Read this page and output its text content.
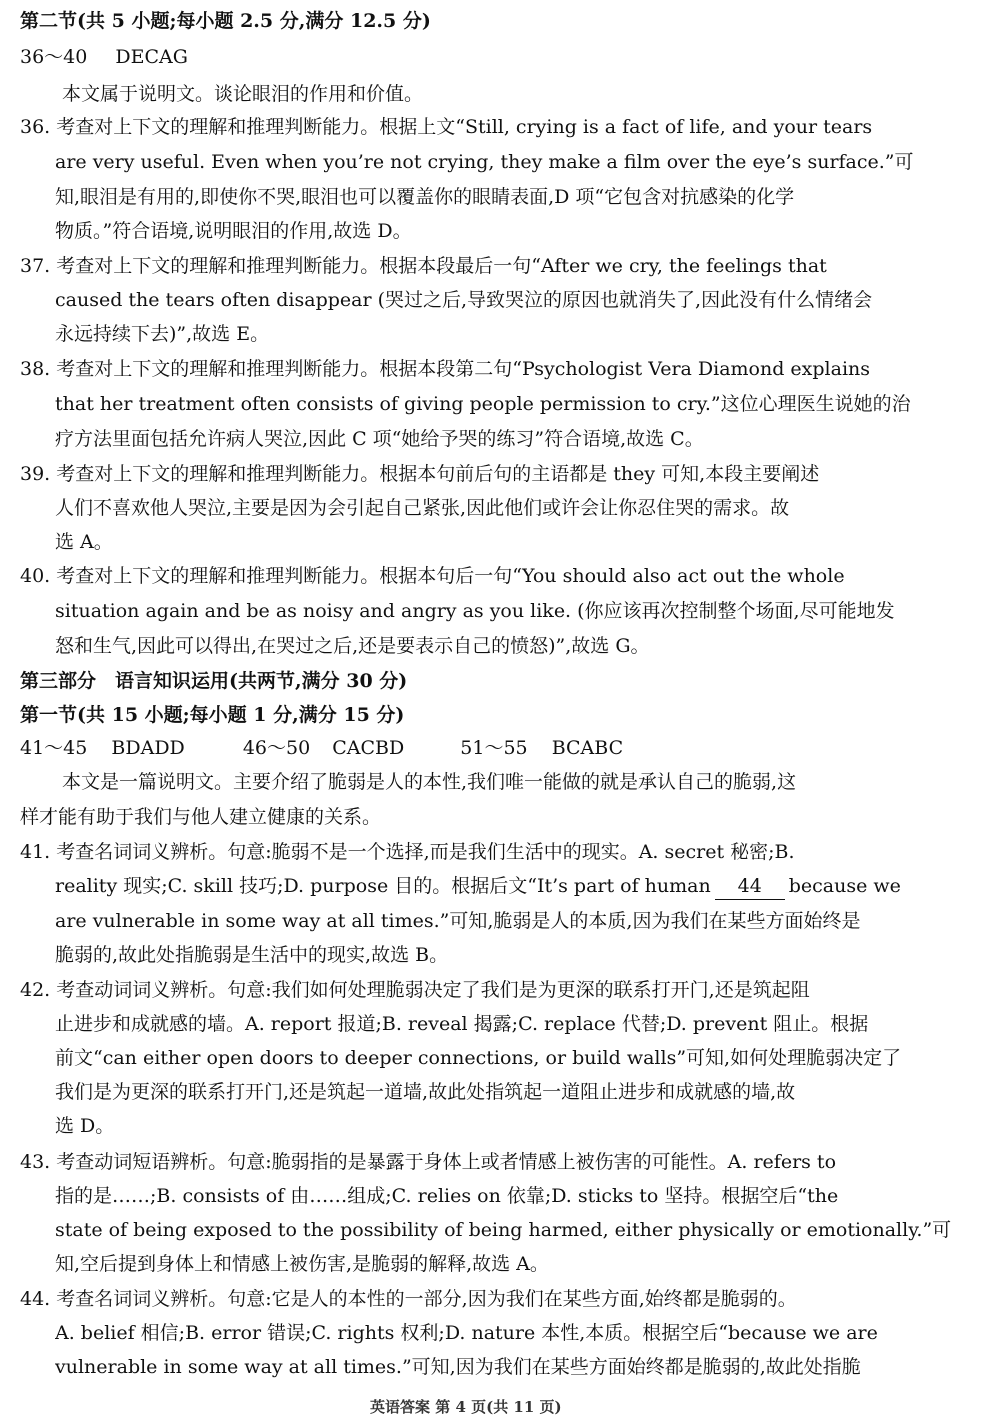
第二节(共 5 小题;每小题 2.5 分,满分 12.5 分)
36～40 DECAG
本文属于说明文。谈论眼泪的作用和价值。
36. 考查对上下文的理解和推理判断能力。根据上文“Still, crying is a fact of life, and your tears
are very useful. Even when you’re not crying, they make a film over the eye’s surface.”可
知,眼泪是有用的,即使你不哭,眼泪也可以覆盖你的眼睛表面,D 项“它包含对抗感染的化学
物质。”符合语境,说明眼泪的作用,故选 D。
37. 考查对上下文的理解和推理判断能力。根据本段最后一句“After we cry, the feelings that
caused the tears often disappear (哭过之后,导致哭泣的原因也就消失了,因此没有什么情绪会
永远持续下去)”,故选 E。
38. 考查对上下文的理解和推理判断能力。根据本段第二句“Psychologist Vera Diamond explains
that her treatment often consists of giving people permission to cry.”这位心理医生说她的治
疗方法里面包括允许病人哭泣,因此 C 项“她给予哭的练习”符合语境,故选 C。
39. 考查对上下文的理解和推理判断能力。根据本句前后句的主语都是 they 可知,本段主要阐述
人们不喜欢他人哭泣,主要是因为会引起自己紧张,因此他们或许会让你忍住哭的需求。故
选 A。
40. 考查对上下文的理解和推理判断能力。根据本句后一句“You should also act out the whole
situation again and be as noisy and angry as you like. (你应该再次控制整个场面,尽可能地发
怒和生气,因此可以得出,在哭过之后,还是要表示自己的愤怒)”,故选 G。
第三部分　语言知识运用(共两节,满分 30 分)
第一节(共 15 小题;每小题 1 分,满分 15 分)
41～45 BDADD	46～50 CACBD	51～55 BCABC
本文是一篇说明文。主要介绍了脆弱是人的本性,我们唯一能做的就是承认自己的脆弱,这
样才能有助于我们与他人建立健康的关系。
41. 考查名词词义辨析。句意:脆弱不是一个选择,而是我们生活中的现实。A. secret 秘密;B.
reality 现实;C. skill 技巧;D. purpose 目的。根据后文“It’s part of human 44 because we
are vulnerable in some way at all times.”可知,脆弱是人的本质,因为我们在某些方面始终是
脆弱的,故此处指脆弱是生活中的现实,故选 B。
42. 考查动词词义辨析。句意:我们如何处理脆弱决定了我们是为更深的联系打开门,还是筑起阻
止进步和成就感的墙。A. report 报道;B. reveal 揭露;C. replace 代替;D. prevent 阻止。根据
前文“can either open doors to deeper connections, or build walls”可知,如何处理脆弱决定了
我们是为更深的联系打开门,还是筑起一道墙,故此处指筑起一道阻止进步和成就感的墙,故
选 D。
43. 考查动词短语辨析。句意:脆弱指的是暴露于身体上或者情感上被伤害的可能性。A. refers to
指的是……;B. consists of 由……组成;C. relies on 依靠;D. sticks to 坚持。根据空后“the
state of being exposed to the possibility of being harmed, either physically or emotionally.”可
知,空后提到身体上和情感上被伤害,是脆弱的解释,故选 A。
44. 考查名词词义辨析。句意:它是人的本性的一部分,因为我们在某些方面,始终都是脆弱的。
A. belief 相信;B. error 错误;C. rights 权利;D. nature 本性,本质。根据空后“because we are
vulnerable in some way at all times.”可知,因为我们在某些方面始终都是脆弱的,故此处指脆
英语答案 第 4 页(共 11 页)
